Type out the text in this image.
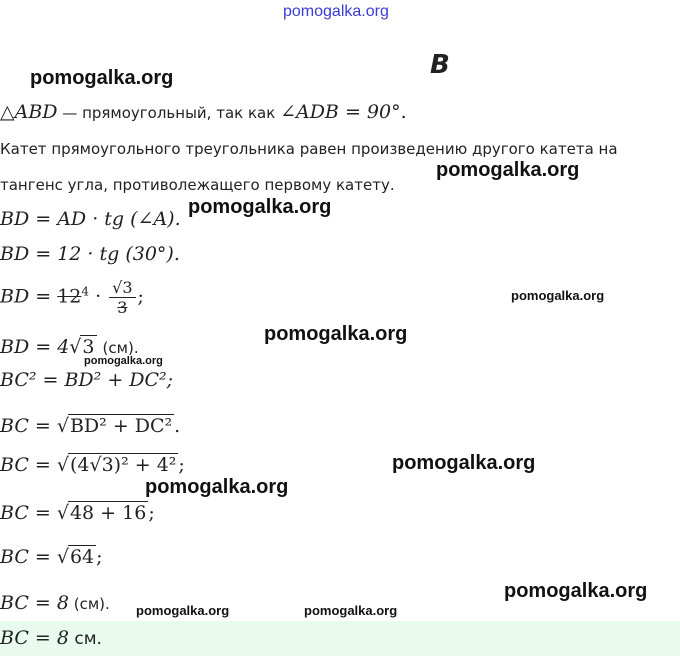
pomogalka.org
pomogalka.org
pomogalka.org
pomogalka.org
pomogalka.org
pomogalka.org
pomogalka.org
pomogalka.org
pomogalka.org
pomogalka.org
pomogalka.org	pomogalka.org
В
△ABD — прямоугольный, так как ∠ADB = 90°.
Катет прямоугольного треугольника равен произведению другого катета на
тангенс угла, противолежащего первому катету.
BD = AD · tg (∠A).
BD = 12 · tg (30°).
BD = $12^4 \cdot \frac{√3}{3}$ ;
BD = 4√3 (см).
BC² = BD² + DC²;
BC = √BD² + DC² .
BC = √(4√3)² + 4² ;
BC = √48 + 16 ;
BC = √64 ;
BC = 8 (см).
BC = 8 см.
